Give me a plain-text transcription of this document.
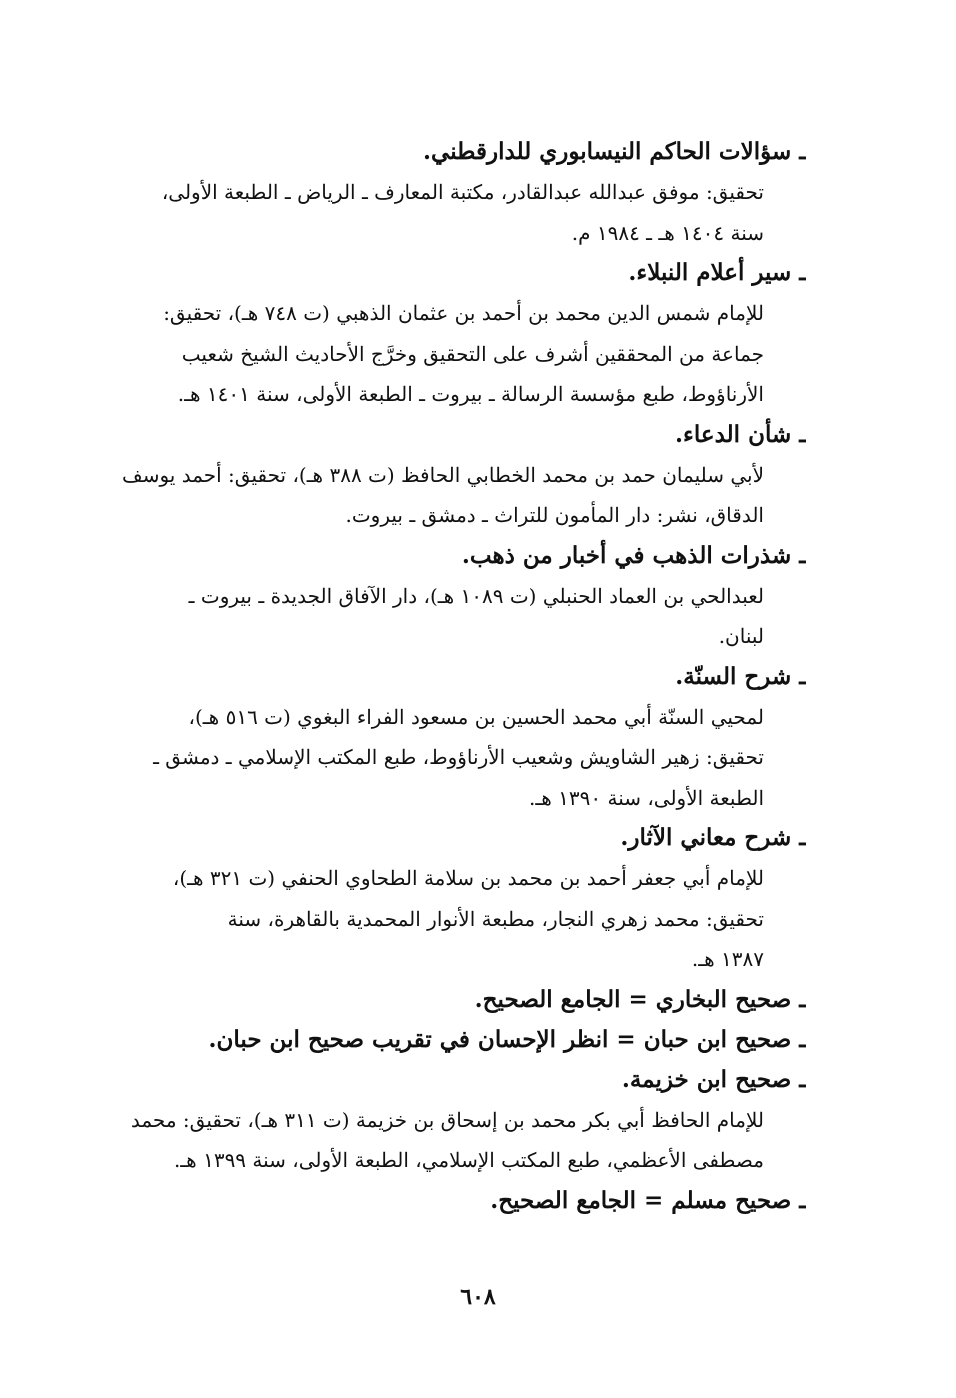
ـسؤالات الحاكم النيسابوري للدارقطني.
تحقيق: موفق عبدالله عبدالقادر، مكتبة المعارف ـ الرياض ـ الطبعة الأولى،
سنة ١٤٠٤ هـ ـ ١٩٨٤ م.
ـسير أعلام النبلاء.
للإمام شمس الدين محمد بن أحمد بن عثمان الذهبي (ت ٧٤٨ هـ)، تحقيق:
جماعة من المحققين أشرف على التحقيق وخرَّج الأحاديث الشيخ شعيب
الأرناؤوط، طبع مؤسسة الرسالة ـ بيروت ـ الطبعة الأولى، سنة ١٤٠١ هـ.
ـشأن الدعاء.
لأبي سليمان حمد بن محمد الخطابي الحافظ (ت ٣٨٨ هـ)، تحقيق: أحمد يوسف
الدقاق، نشر: دار المأمون للتراث ـ دمشق ـ بيروت.
ـشذرات الذهب في أخبار من ذهب.
لعبدالحي بن العماد الحنبلي (ت ١٠٨٩ هـ)، دار الآفاق الجديدة ـ بيروت ـ
لبنان.
ـشرح السنّة.
لمحيي السنّة أبي محمد الحسين بن مسعود الفراء البغوي (ت ٥١٦ هـ)،
تحقيق: زهير الشاويش وشعيب الأرناؤوط، طبع المكتب الإسلامي ـ دمشق ـ
الطبعة الأولى، سنة ١٣٩٠ هـ.
ـشرح معاني الآثار.
للإمام أبي جعفر أحمد بن محمد بن سلامة الطحاوي الحنفي (ت ٣٢١ هـ)،
تحقيق: محمد زهري النجار، مطبعة الأنوار المحمدية بالقاهرة، سنة
١٣٨٧ هـ.
ـصحيح البخاري = الجامع الصحيح.
ـصحيح ابن حبان = انظر الإحسان في تقريب صحيح ابن حبان.
ـصحيح ابن خزيمة.
للإمام الحافظ أبي بكر محمد بن إسحاق بن خزيمة (ت ٣١١ هـ)، تحقيق: محمد
مصطفى الأعظمي، طبع المكتب الإسلامي، الطبعة الأولى، سنة ١٣٩٩ هـ.
ـصحيح مسلم = الجامع الصحيح.
٦٠٨
